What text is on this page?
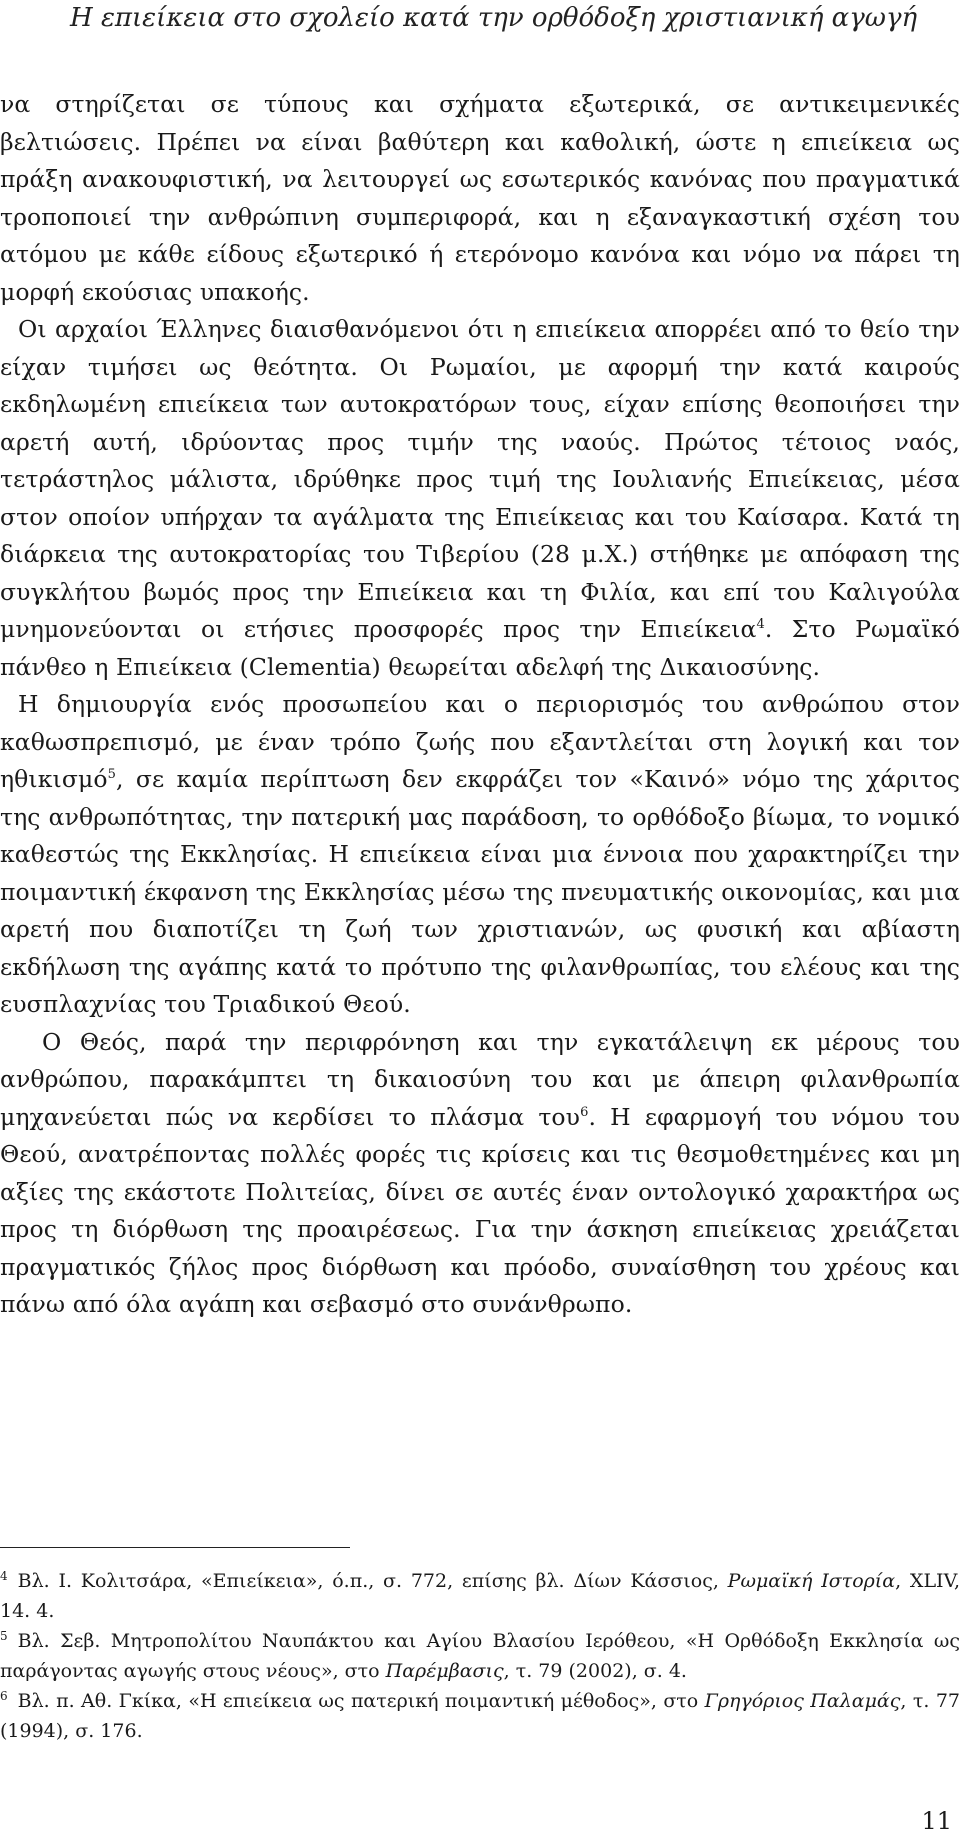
Η επιείκεια στο σχολείο κατά την ορθόδοξη χριστιανική αγωγή

να στηρίζεται σε τύπους και σχήματα εξωτερικά, σε αντικειμενικές βελτιώσεις. Πρέπει να είναι βαθύτερη και καθολική, ώστε η επιείκεια ως πράξη ανακουφιστική, να λειτουργεί ως εσωτερικός κανόνας που πραγματικά τροποποιεί την ανθρώπινη συμπεριφορά, και η εξαναγκαστική σχέση του ατόμου με κάθε είδους εξωτερικό ή ετερόνομο κανόνα και νόμο να πάρει τη μορφή εκούσιας υπακοής.

Οι αρχαίοι Έλληνες διαισθανόμενοι ότι η επιείκεια απορρέει από το θείο την είχαν τιμήσει ως θεότητα. Οι Ρωμαίοι, με αφορμή την κατά καιρούς εκδηλωμένη επιείκεια των αυτοκρατόρων τους, είχαν επίσης θεοποιήσει την αρετή αυτή, ιδρύοντας προς τιμήν της ναούς. Πρώτος τέτοιος ναός, τετράστηλος μάλιστα, ιδρύθηκε προς τιμή της Ιουλιανής Επιείκειας, μέσα στον οποίον υπήρχαν τα αγάλματα της Επιείκειας και του Καίσαρα. Κατά τη διάρκεια της αυτοκρατορίας του Τιβερίου (28 μ.Χ.) στήθηκε με απόφαση της συγκλήτου βωμός προς την Επιείκεια και τη Φιλία, και επί του Καλιγούλα μνημονεύονται οι ετήσιες προσφορές προς την Επιείκεια$^4$. Στο Ρωμαϊκό πάνθεο η Επιείκεια (Clementia) θεωρείται αδελφή της Δικαιοσύνης.

Η δημιουργία ενός προσωπείου και ο περιορισμός του ανθρώπου στον καθωσπρεπισμό, με έναν τρόπο ζωής που εξαντλείται στη λογική και τον ηθικισμό$^5$, σε καμία περίπτωση δεν εκφράζει τον «Καινό» νόμο της χάριτος της ανθρωπότητας, την πατερική μας παράδοση, το ορθόδοξο βίωμα, το νομικό καθεστώς της Εκκλησίας. Η επιείκεια είναι μια έννοια που χαρακτηρίζει την ποιμαντική έκφανση της Εκκλησίας μέσω της πνευματικής οικονομίας, και μια αρετή που διαποτίζει τη ζωή των χριστιανών, ως φυσική και αβίαστη εκδήλωση της αγάπης κατά το πρότυπο της φιλανθρωπίας, του ελέους και της ευσπλαχνίας του Τριαδικού Θεού.

Ο Θεός, παρά την περιφρόνηση και την εγκατάλειψη εκ μέρους του ανθρώπου, παρακάμπτει τη δικαιοσύνη του και με άπειρη φιλανθρωπία μηχανεύεται πώς να κερδίσει το πλάσμα του$^6$. Η εφαρμογή του νόμου του Θεού, ανατρέποντας πολλές φορές τις κρίσεις και τις θεσμοθετημένες και μη αξίες της εκάστοτε Πολιτείας, δίνει σε αυτές έναν οντολογικό χαρακτήρα ως προς τη διόρθωση της προαιρέσεως. Για την άσκηση επιείκειας χρειάζεται πραγματικός ζήλος προς διόρθωση και πρόοδο, συναίσθηση του χρέους και πάνω από όλα αγάπη και σεβασμό στο συνάνθρωπο.

$^4$ Βλ. Ι. Κολιτσάρα, «Επιείκεια», ό.π., σ. 772, επίσης βλ. Δίων Κάσσιος, Ρωμαϊκή Ιστορία, XLIV, 14. 4.

$^5$ Βλ. Σεβ. Μητροπολίτου Ναυπάκτου και Αγίου Βλασίου Ιερόθεου, «Η Ορθόδοξη Εκκλησία ως παράγοντας αγωγής στους νέους», στο Παρέμβασις, τ. 79 (2002), σ. 4.

$^6$ Βλ. π. Αθ. Γκίκα, «Η επιείκεια ως πατερική ποιμαντική μέθοδος», στο Γρηγόριος Παλαμάς, τ. 77 (1994), σ. 176.

11
